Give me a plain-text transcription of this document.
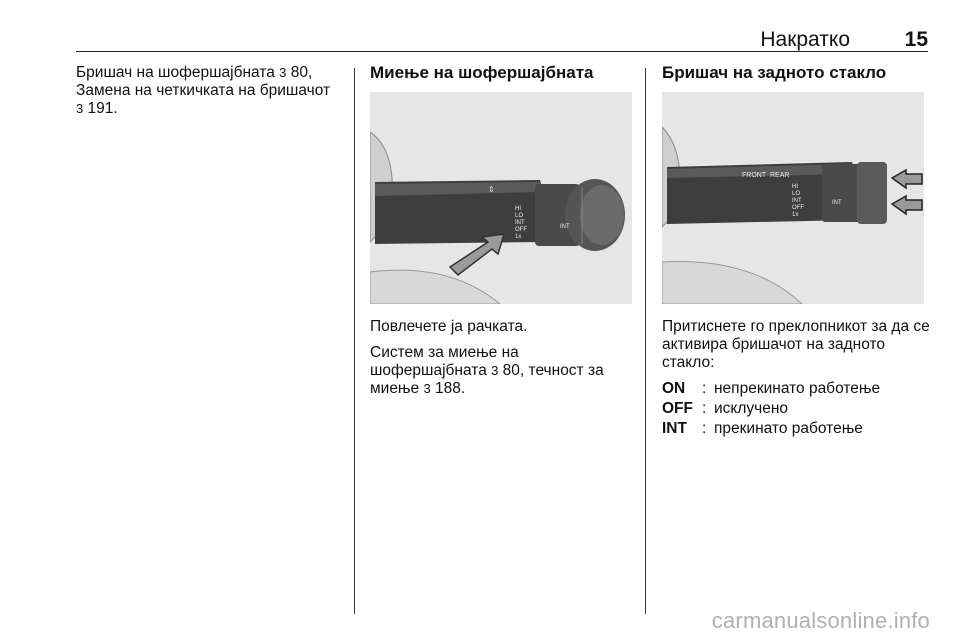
Накратко	15

Бришач на шофершајбната 3 80,
Замена на четкичката на бришачот
3 191.

Миење на шофершајбната
⇕
HI
LO
INT
OFF
1x
INT

Повлечете ја рачката.

Систем за миење на шофершајбната 3 80, течност за миење 3 188.

Бришач на задното стакло
FRONT REAR
HI
LO
INT
OFF
1x
INT

Притиснете го преклопникот за да се активира бришачот на задното стакло:

ON	: непрекинато работење
OFF : исклучено
INT : прекинато работење
carmanualsonline.info
